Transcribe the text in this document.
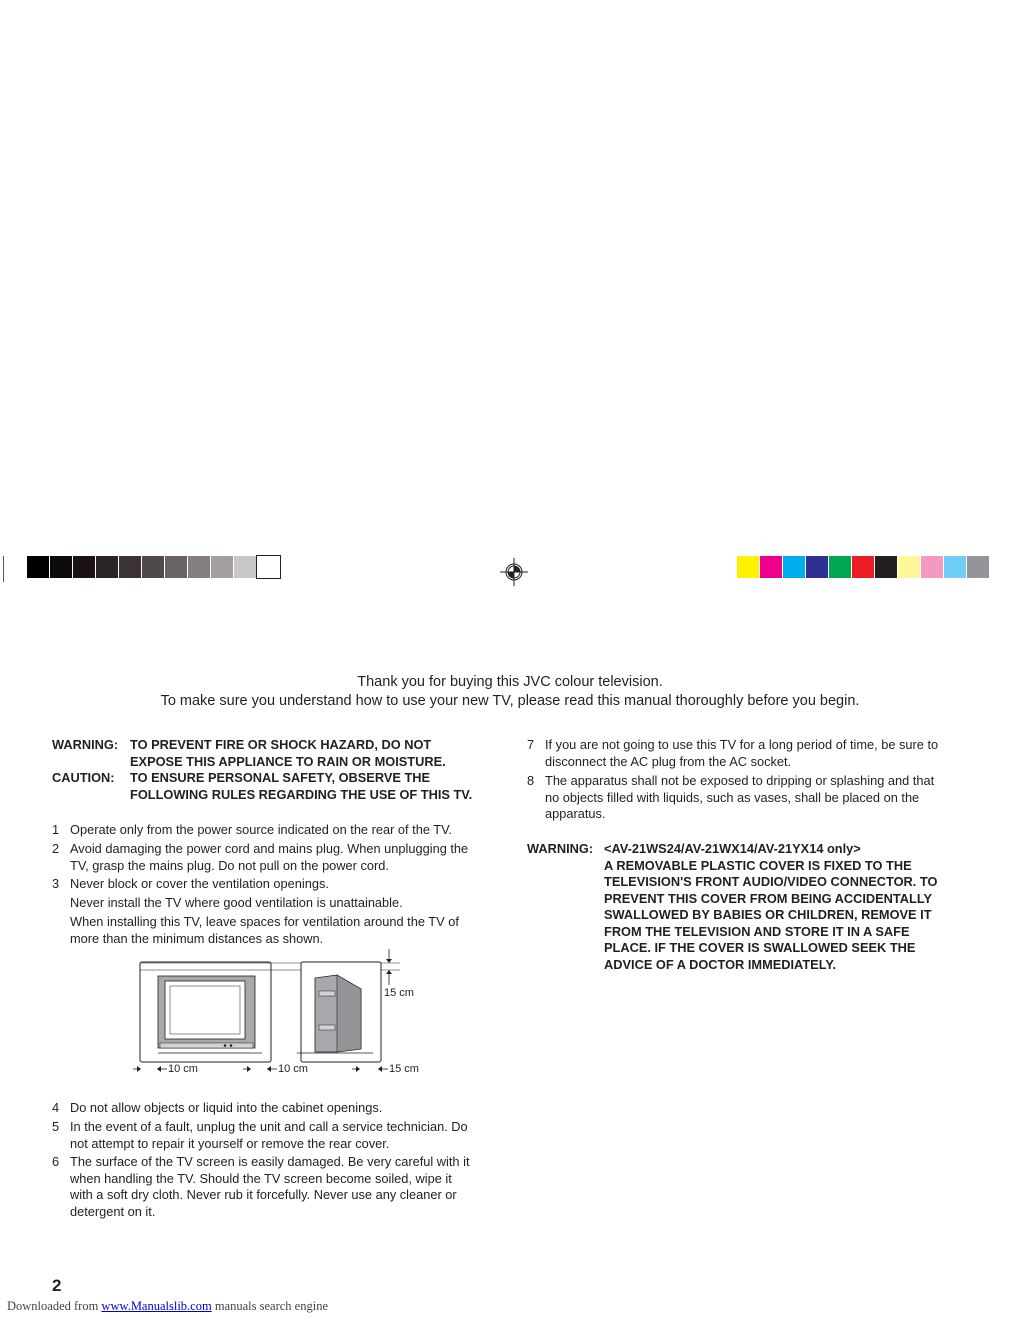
Thank you for buying this JVC colour television.
To make sure you understand how to use your new TV, please read this manual thoroughly before you begin.
WARNING: TO PREVENT FIRE OR SHOCK HAZARD, DO NOT
EXPOSE THIS APPLIANCE TO RAIN OR MOISTURE.
CAUTION: TO ENSURE PERSONAL SAFETY, OBSERVE THE
FOLLOWING RULES REGARDING THE USE OF THIS TV.
1 Operate only from the power source indicated on the rear of the TV.
2 Avoid damaging the power cord and mains plug. When unplugging the
TV, grasp the mains plug. Do not pull on the power cord.
3 Never block or cover the ventilation openings.
Never install the TV where good ventilation is unattainable.
When installing this TV, leave spaces for ventilation around the TV of
more than the minimum distances as shown.
10 cm	10 cm	15 cm
15 cm
4 Do not allow objects or liquid into the cabinet openings.
5 In the event of a fault, unplug the unit and call a service technician. Do
not attempt to repair it yourself or remove the rear cover.
6 The surface of the TV screen is easily damaged. Be very careful with it
when handling the TV. Should the TV screen become soiled, wipe it
with a soft dry cloth. Never rub it forcefully. Never use any cleaner or
detergent on it.
7 If you are not going to use this TV for a long period of time, be sure to
disconnect the AC plug from the AC socket.
8 The apparatus shall not be exposed to dripping or splashing and that
no objects filled with liquids, such as vases, shall be placed on the
apparatus.
WARNING: <AV-21WS24/AV-21WX14/AV-21YX14 only>
A REMOVABLE PLASTIC COVER IS FIXED TO THE
TELEVISION'S FRONT AUDIO/VIDEO CONNECTOR. TO
PREVENT THIS COVER FROM BEING ACCIDENTALLY
SWALLOWED BY BABIES OR CHILDREN, REMOVE IT
FROM THE TELEVISION AND STORE IT IN A SAFE
PLACE. IF THE COVER IS SWALLOWED SEEK THE
ADVICE OF A DOCTOR IMMEDIATELY.
2
Downloaded from www.Manualslib.com manuals search engine
